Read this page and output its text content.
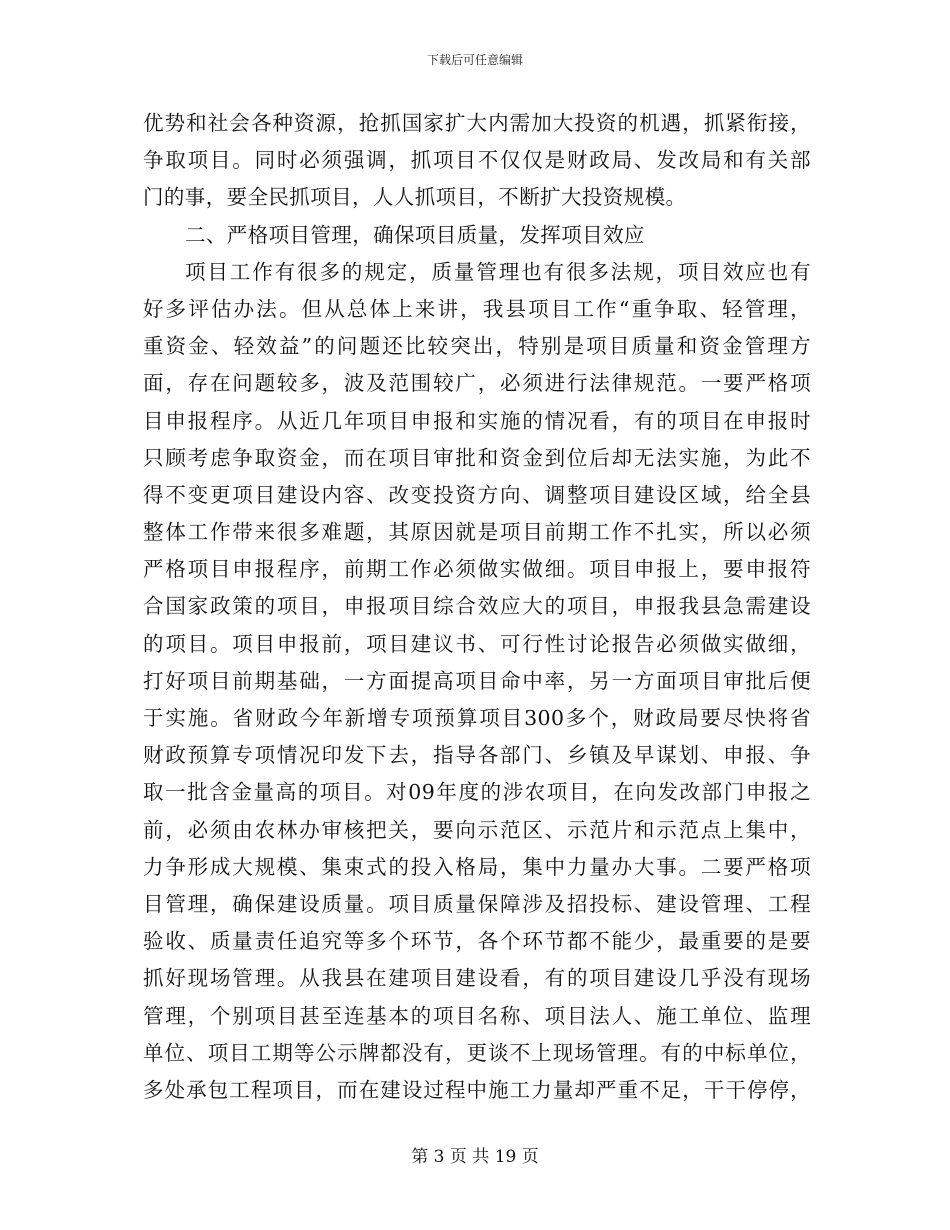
下载后可任意编辑
优势和社会各种资源，抢抓国家扩大内需加大投资的机遇，抓紧衔接，
争取项目。同时必须强调，抓项目不仅仅是财政局、发改局和有关部
门的事，要全民抓项目，人人抓项目，不断扩大投资规模。
二、严格项目管理，确保项目质量，发挥项目效应
项目工作有很多的规定，质量管理也有很多法规，项目效应也有
好多评估办法。但从总体上来讲，我县项目工作“重争取、轻管理，
重资金、轻效益”的问题还比较突出，特别是项目质量和资金管理方
面，存在问题较多，波及范围较广，必须进行法律规范。一要严格项
目申报程序。从近几年项目申报和实施的情况看，有的项目在申报时
只顾考虑争取资金，而在项目审批和资金到位后却无法实施，为此不
得不变更项目建设内容、改变投资方向、调整项目建设区域，给全县
整体工作带来很多难题，其原因就是项目前期工作不扎实，所以必须
严格项目申报程序，前期工作必须做实做细。项目申报上，要申报符
合国家政策的项目，申报项目综合效应大的项目，申报我县急需建设
的项目。项目申报前，项目建议书、可行性讨论报告必须做实做细，
打好项目前期基础，一方面提高项目命中率，另一方面项目审批后便
于实施。省财政今年新增专项预算项目300多个，财政局要尽快将省
财政预算专项情况印发下去，指导各部门、乡镇及早谋划、申报、争
取一批含金量高的项目。对09年度的涉农项目，在向发改部门申报之
前，必须由农林办审核把关，要向示范区、示范片和示范点上集中，
力争形成大规模、集束式的投入格局，集中力量办大事。二要严格项
目管理，确保建设质量。项目质量保障涉及招投标、建设管理、工程
验收、质量责任追究等多个环节，各个环节都不能少，最重要的是要
抓好现场管理。从我县在建项目建设看，有的项目建设几乎没有现场
管理，个别项目甚至连基本的项目名称、项目法人、施工单位、监理
单位、项目工期等公示牌都没有，更谈不上现场管理。有的中标单位，
多处承包工程项目，而在建设过程中施工力量却严重不足，干干停停，
第 3 页 共 19 页
